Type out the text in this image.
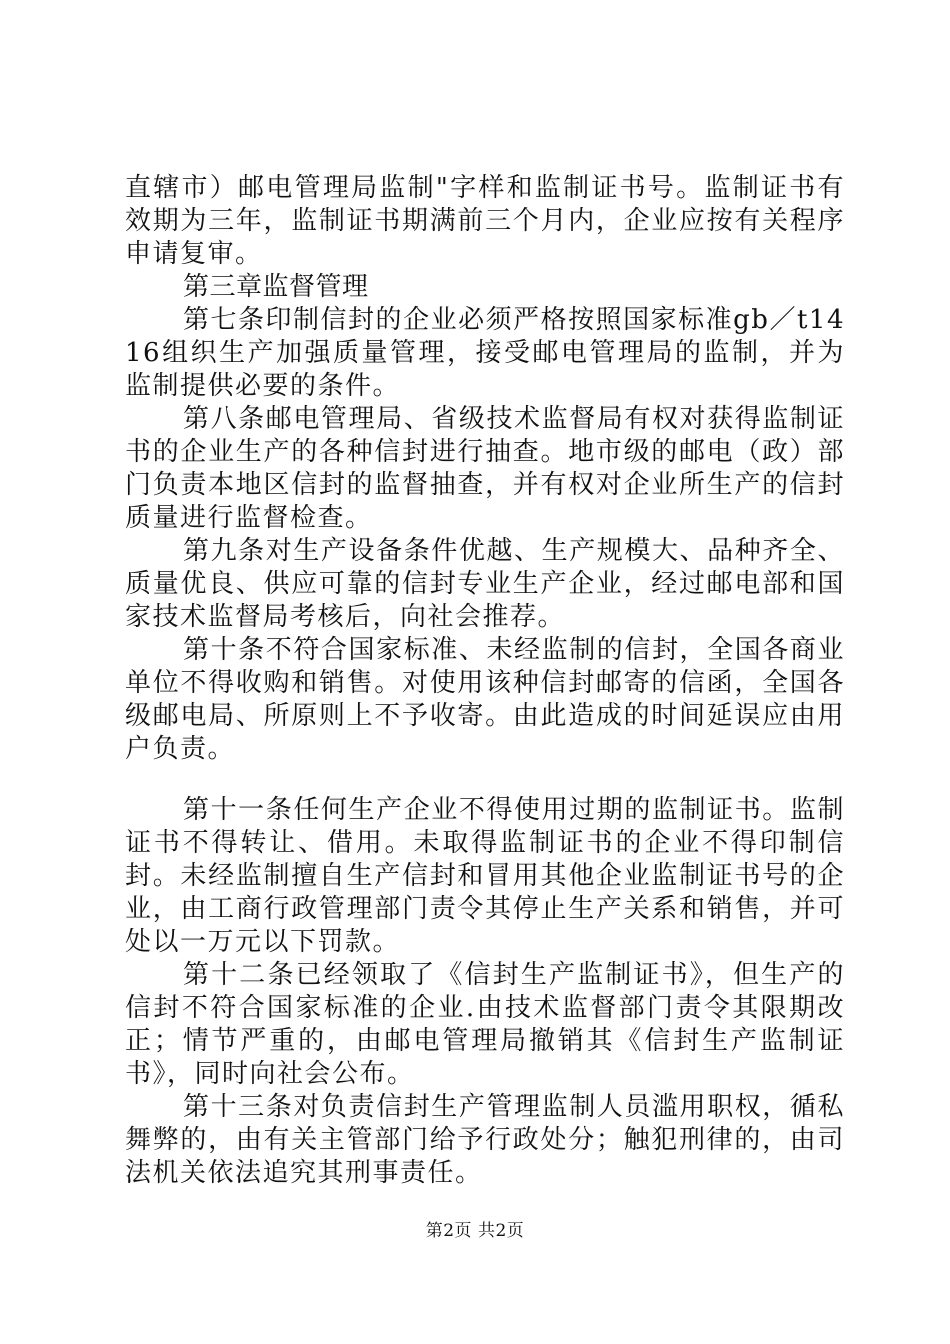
直辖市）邮电管理局监制"字样和监制证书号。监制证书有效期为三年，监制证书期满前三个月内，企业应按有关程序申请复审。

第三章监督管理

第七条印制信封的企业必须严格按照国家标准gb／t1416组织生产加强质量管理，接受邮电管理局的监制，并为监制提供必要的条件。

第八条邮电管理局、省级技术监督局有权对获得监制证书的企业生产的各种信封进行抽查。地市级的邮电（政）部门负责本地区信封的监督抽查，并有权对企业所生产的信封质量进行监督检查。

第九条对生产设备条件优越、生产规模大、品种齐全、质量优良、供应可靠的信封专业生产企业，经过邮电部和国家技术监督局考核后，向社会推荐。

第十条不符合国家标准、未经监制的信封，全国各商业单位不得收购和销售。对使用该种信封邮寄的信函，全国各级邮电局、所原则上不予收寄。由此造成的时间延误应由用户负责。

第十一条任何生产企业不得使用过期的监制证书。监制证书不得转让、借用。未取得监制证书的企业不得印制信封。未经监制擅自生产信封和冒用其他企业监制证书号的企业，由工商行政管理部门责令其停止生产关系和销售，并可处以一万元以下罚款。

第十二条已经领取了《信封生产监制证书》，但生产的信封不符合国家标准的企业.由技术监督部门责令其限期改正；情节严重的，由邮电管理局撤销其《信封生产监制证书》，同时向社会公布。

第十三条对负责信封生产管理监制人员滥用职权，循私舞弊的，由有关主管部门给予行政处分；触犯刑律的，由司法机关依法追究其刑事责任。

第2页 共2页
